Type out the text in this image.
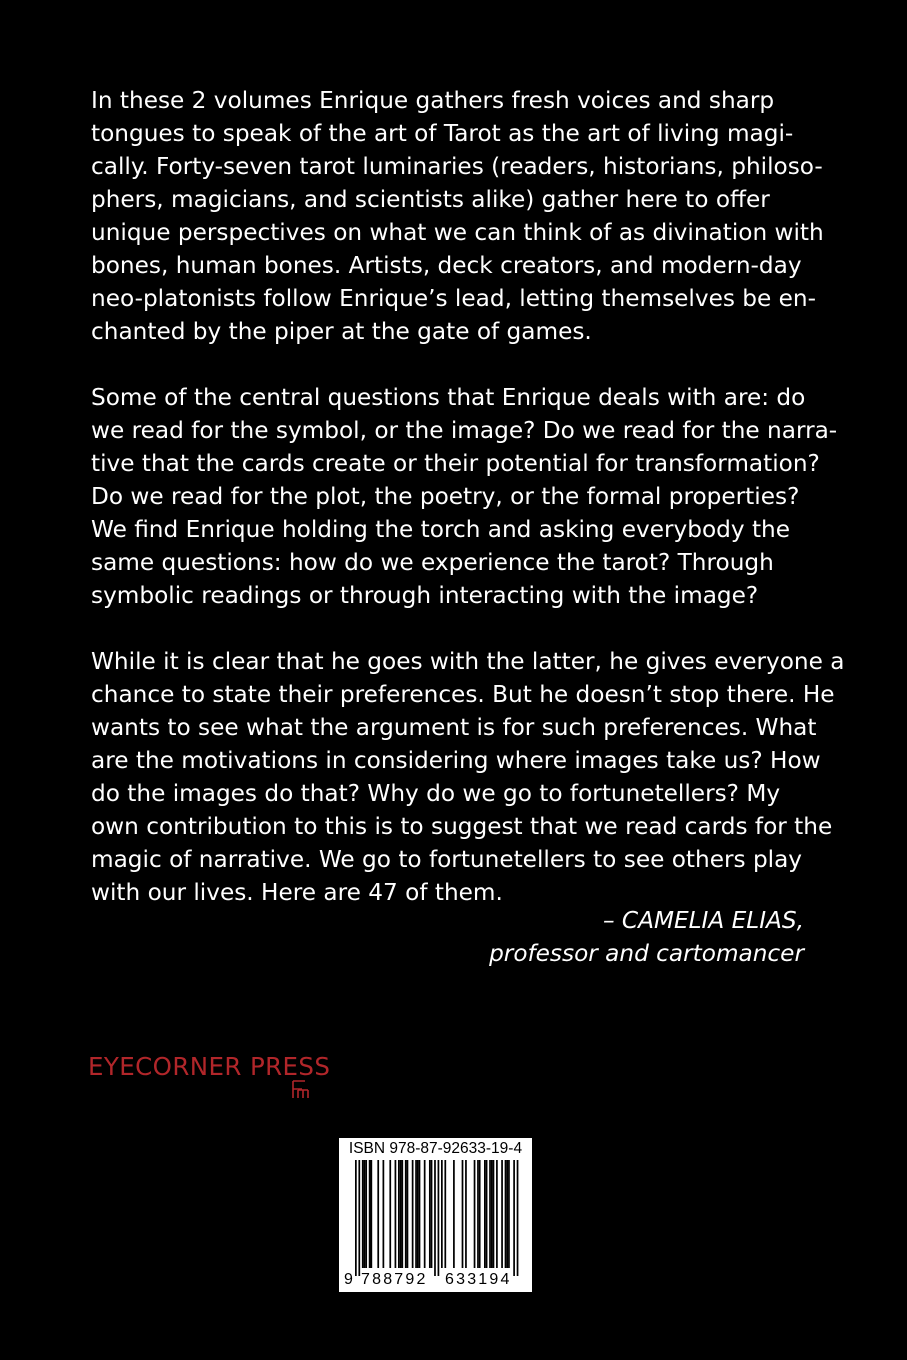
In these 2 volumes Enrique gathers fresh voices and sharp
tongues to speak of the art of Tarot as the art of living magi-
cally. Forty-seven tarot luminaries (readers, historians, philoso-
phers, magicians, and scientists alike) gather here to offer
unique perspectives on what we can think of as divination with
bones, human bones. Artists, deck creators, and modern-day
neo-platonists follow Enrique’s lead, letting themselves be en-
chanted by the piper at the gate of games.

Some of the central questions that Enrique deals with are: do
we read for the symbol, or the image? Do we read for the narra-
tive that the cards create or their potential for transformation?
Do we read for the plot, the poetry, or the formal properties?
We find Enrique holding the torch and asking everybody the
same questions: how do we experience the tarot? Through
symbolic readings or through interacting with the image?

While it is clear that he goes with the latter, he gives everyone a
chance to state their preferences. But he doesn’t stop there. He
wants to see what the argument is for such preferences. What
are the motivations in considering where images take us? How
do the images do that? Why do we go to fortunetellers? My
own contribution to this is to suggest that we read cards for the
magic of narrative. We go to fortunetellers to see others play
with our lives. Here are 47 of them.

– CAMELIA ELIAS,
professor and cartomancer
EYECORNER PRESS
ISBN 978-87-92633-19-4
9 788792 633194
